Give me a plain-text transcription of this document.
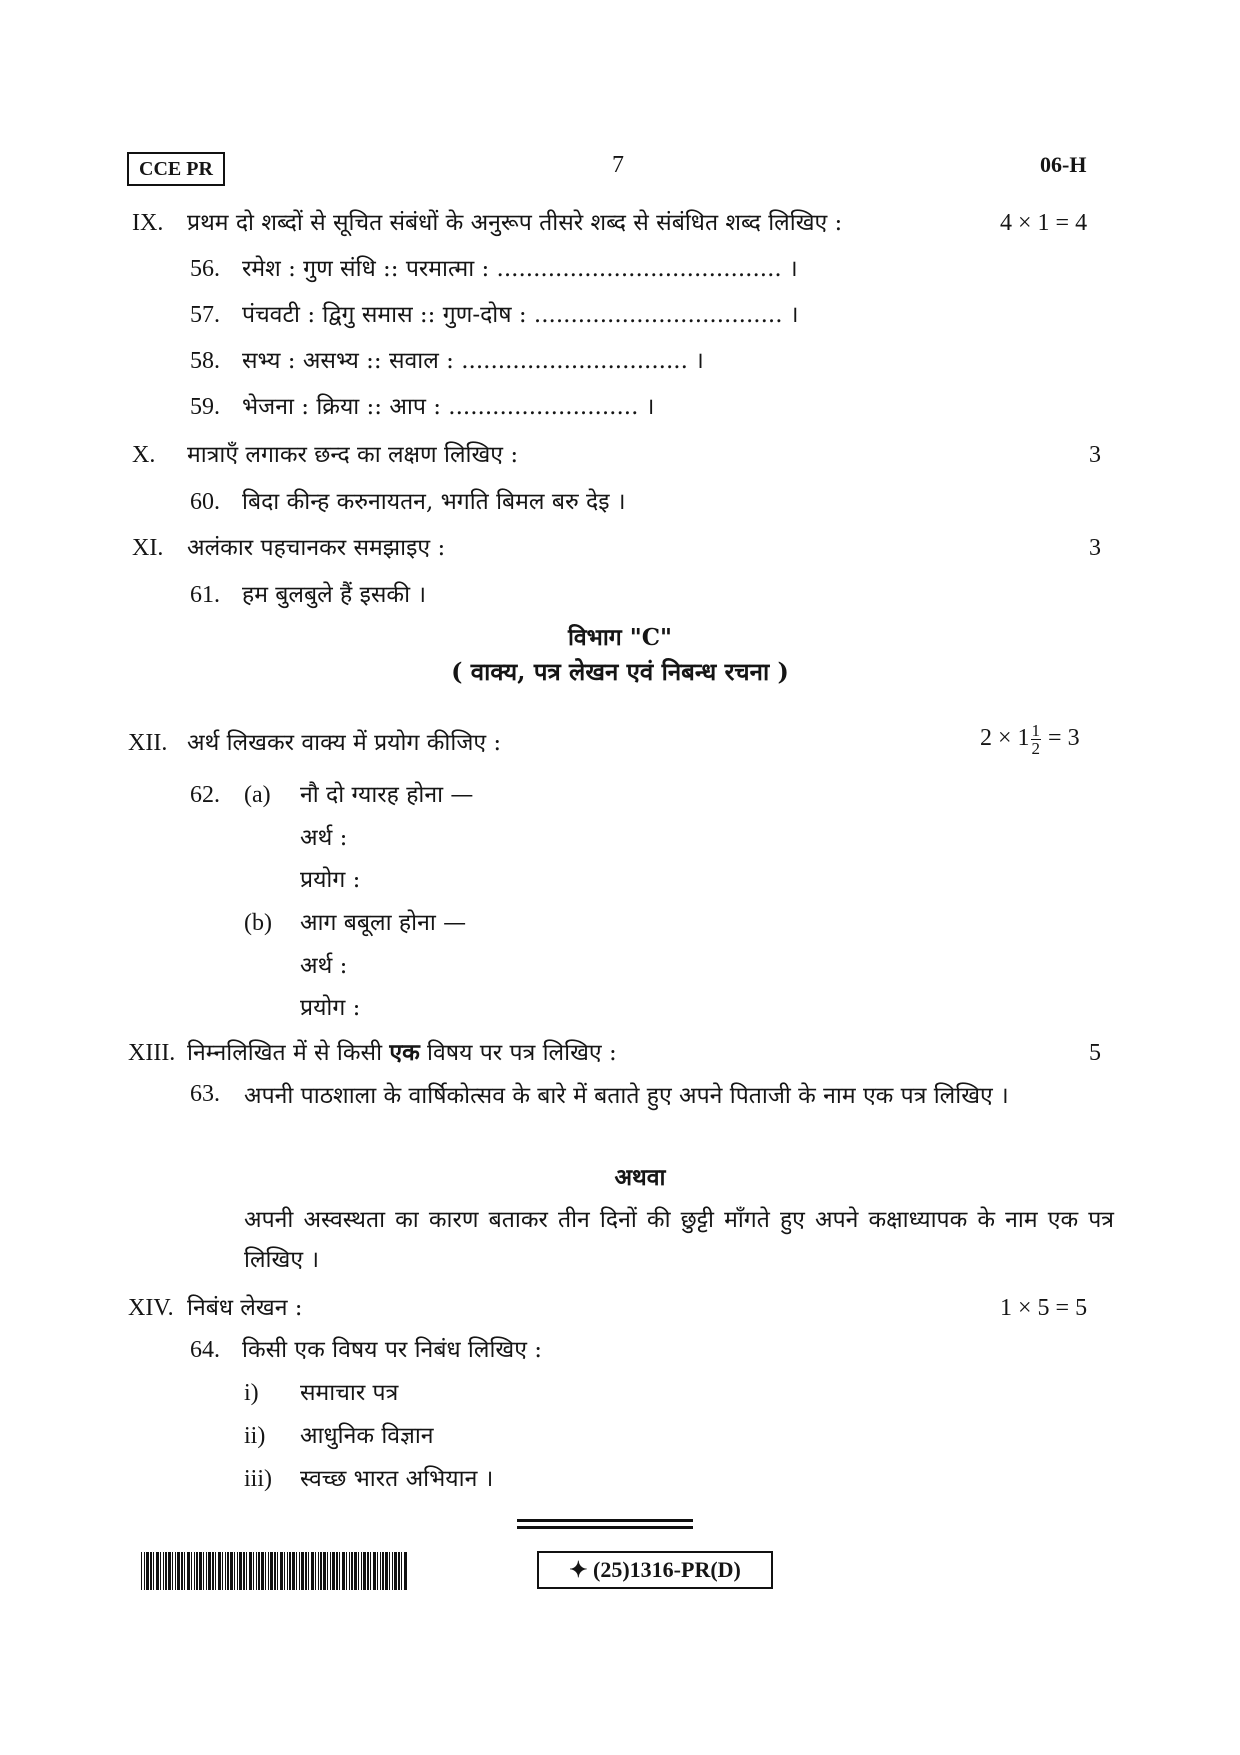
CCE PR	7	06-H
IX. प्रथम दो शब्दों से सूचित संबंधों के अनुरूप तीसरे शब्द से संबंधित शब्द लिखिए :	4 × 1 = 4
56. रमेश : गुण संधि :: परमात्मा : ....................................... ।
57. पंचवटी : द्विगु समास :: गुण-दोष : .................................. ।
58. सभ्य : असभ्य :: सवाल : ............................... ।
59. भेजना : क्रिया :: आप : .......................... ।
X. मात्राएँ लगाकर छन्द का लक्षण लिखिए :	3
60. बिदा कीन्ह करुनायतन, भगति बिमल बरु देइ ।
XI. अलंकार पहचानकर समझाइए :	3
61. हम बुलबुले हैं इसकी ।
विभाग "C"
( वाक्य, पत्र लेखन एवं निबन्ध रचना )
XII. अर्थ लिखकर वाक्य में प्रयोग कीजिए :	$2 \times 1 \frac{1}{2} = 3$
62. (a) नौ दो ग्यारह होना —
अर्थ :
प्रयोग :
(b) आग बबूला होना —
अर्थ :
प्रयोग :
XIII. निम्नलिखित में से किसी एक विषय पर पत्र लिखिए :	5
63. अपनी पाठशाला के वार्षिकोत्सव के बारे में बताते हुए अपने पिताजी के नाम एक पत्र लिखिए ।
अथवा
अपनी अस्वस्थता का कारण बताकर तीन दिनों की छुट्टी माँगते हुए अपने कक्षाध्यापक के नाम एक पत्र लिखिए ।
XIV. निबंध लेखन :	1 × 5 = 5
64. किसी एक विषय पर निबंध लिखिए :
i) समाचार पत्र
ii) आधुनिक विज्ञान
iii) स्वच्छ भारत अभियान ।
✦ (25)1316-PR(D)
